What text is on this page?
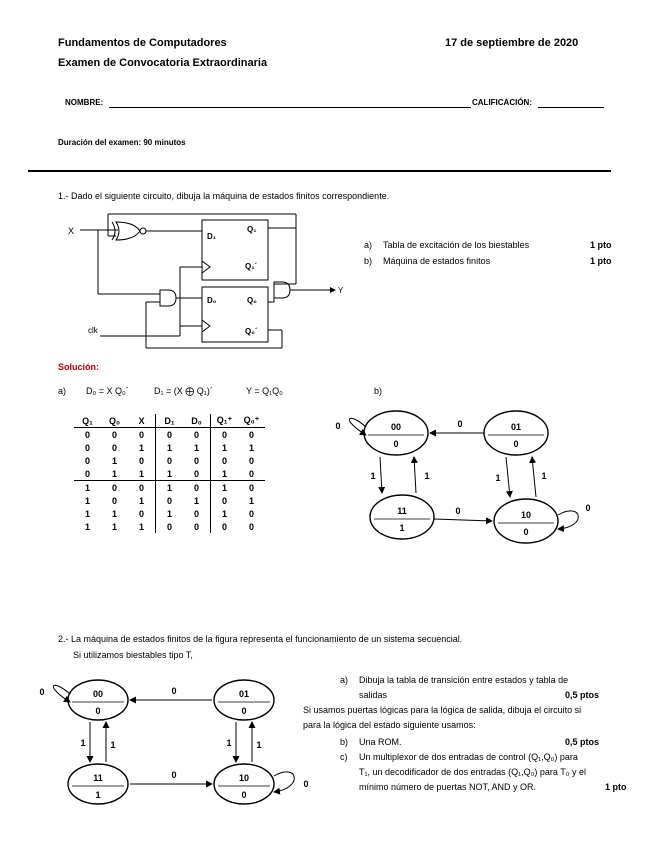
Fundamentos de Computadores	17 de septiembre de 2020
Examen de Convocatoria Extraordinaria
NOMBRE:	CALIFICACIÓN:
Duración del examen: 90 minutos
1.- Dado el siguiente circuito, dibuja la máquina de estados finitos correspondiente.
X
clk
Y
D₁
Q₁
Q₁´
D₀	Q₀
Q₀´
a) Tabla de excitación de los biestables	1 pto
b) Máquina de estados finitos	1 pto
Solución:
a) D₀ = X Q₀´	D₁ = (X ⨁ Q₁)´	Y = Q₁Q₀	b)
Q₁	Q₀	X	D₁	D₀	Q₁⁺	Q₀⁺
0	0	0	0	0	0	0
0	0	1	1	1	1	1
0	1	0	0	0	0	0
0	1	1	1	0	1	0
1	0	0	1	0	1	0
1	0	1	0	1	0	1
1	1	0	1	0	1	0
1	1	1	0	0	0	0
00
0
01
0
11
1
10
0
0	0
1	1	1	1
0	0
2.- La máquina de estados finitos de la figura representa el funcionamiento de un sistema secuencial.
Si utilizamos biestables tipo T,
00
0
01
0
11
1
10
0
0	0
1	1	1	1
0
0
a) Dibuja la tabla de transición entre estados y tabla de
salidas	0,5 ptos
Si usamos puertas lógicas para la lógica de salida, dibuja el circuito si
para la lógica del estado siguiente usamos:
b) Una ROM.	0,5 ptos
c) Un multiplexor de dos entradas de control (Q₁,Q₀) para
T₁, un decodificador de dos entradas (Q₁,Q₀) para T₀ y el
mínimo número de puertas NOT, AND y OR.	1 pto
